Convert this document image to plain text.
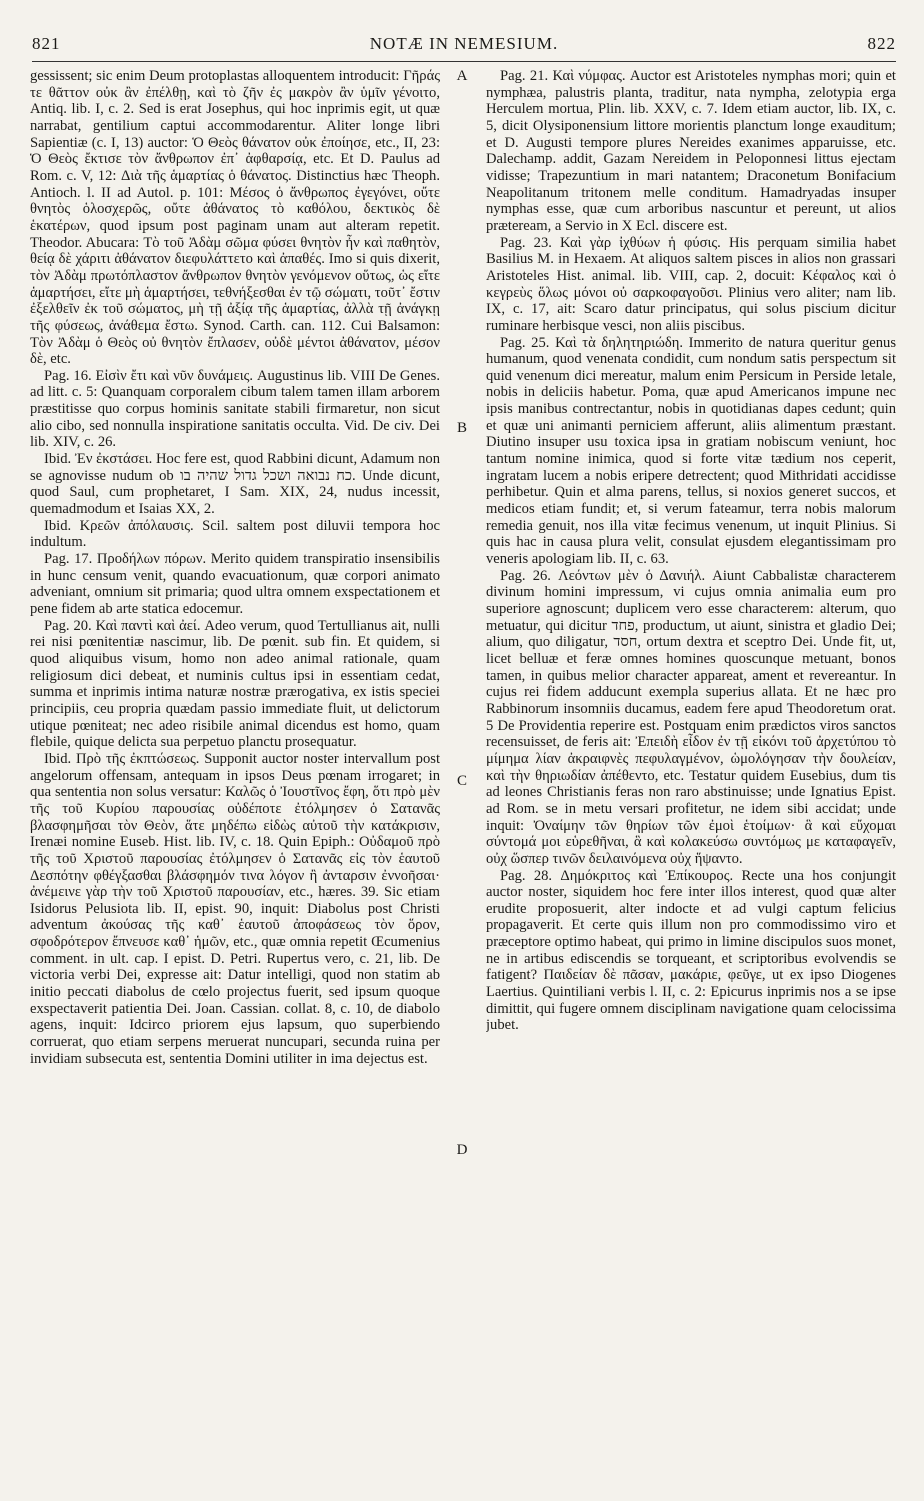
821	NOTÆ IN NEMESIUM.	822

gessissent; sic enim Deum protoplastas alloquentem introducit: Γῆράς τε θᾶττον οὐκ ἂν ἐπέλθῃ, καὶ τὸ ζῆν ἐς μακρὸν ἂν ὑμῖν γένοιτο, Antiq. lib. I, c. 2. Sed is erat Josephus, qui hoc inprimis egit, ut quæ narrabat, gentilium captui accommodarentur. Aliter longe libri Sapientiæ (c. I, 13) auctor: Ὁ Θεὸς θάνατον οὐκ ἐποίησε, etc., II, 23: Ὁ Θεὸς ἔκτισε τὸν ἄνθρωπον ἐπ᾽ ἀφθαρσίᾳ, etc. Et D. Paulus ad Rom. c. V, 12: Διὰ τῆς ἁμαρτίας ὁ θάνατος. Distinctius hæc Theoph. Antioch. l. II ad Autol. p. 101: Μέσος ὁ ἄνθρωπος ἐγεγόνει, οὔτε θνητὸς ὁλοσχερῶς, οὔτε ἀθάνατος τὸ καθόλου, δεκτικὸς δὲ ἑκατέρων, quod ipsum post paginam unam aut alteram repetit. Theodor. Abucara: Τὸ τοῦ Ἀδὰμ σῶμα φύσει θνητὸν ἦν καὶ παθητὸν, θείᾳ δὲ χάριτι ἀθάνατον διεφυλάττετο καὶ ἀπαθές. Imo si quis dixerit, τὸν Ἀδὰμ πρωτόπλαστον ἄνθρωπον θνητὸν γενόμενον οὕτως, ὡς εἴτε ἁμαρτήσει, εἴτε μὴ ἁμαρτήσει, τεθνήξεσθαι ἐν τῷ σώματι, τοῦτ᾽ ἔστιν ἐξελθεῖν ἐκ τοῦ σώματος, μὴ τῇ ἀξίᾳ τῆς ἁμαρτίας, ἀλλὰ τῇ ἀνάγκῃ τῆς φύσεως, ἀνάθεμα ἔστω. Synod. Carth. can. 112. Cui Balsamon: Τὸν Ἀδὰμ ὁ Θεὸς οὐ θνητὸν ἔπλασεν, οὐδὲ μέντοι ἀθάνατον, μέσον δὲ, etc.

Pag. 16. Εἰσὶν ἔτι καὶ νῦν δυνάμεις. Augustinus lib. VIII De Genes. ad litt. c. 5: Quanquam corporalem cibum talem tamen illam arborem præstitisse quo corpus hominis sanitate stabili firmaretur, non sicut alio cibo, sed nonnulla inspiratione sanitatis occulta. Vid. De civ. Dei lib. XIV, c. 26.

Ibid. Ἐν ἐκστάσει. Hoc fere est, quod Rabbini dicunt, Adamum non se agnovisse nudum ob כח נבואה ושכל גדול שהיה בו. Unde dicunt, quod Saul, cum prophetaret, I Sam. XIX, 24, nudus incessit, quemadmodum et Isaias XX, 2.

Ibid. Κρεῶν ἀπόλαυσις. Scil. saltem post diluvii tempora hoc indultum.

Pag. 17. Προδήλων πόρων. Merito quidem transpiratio insensibilis in hunc censum venit, quando evacuationum, quæ corpori animato adveniant, omnium sit primaria; quod ultra omnem exspectationem et pene fidem ab arte statica edocemur.

Pag. 20. Καὶ παντὶ καὶ ἀεί. Adeo verum, quod Tertullianus ait, nulli rei nisi pœnitentiæ nascimur, lib. De pœnit. sub fin. Et quidem, si quod aliquibus visum, homo non adeo animal rationale, quam religiosum dici debeat, et numinis cultus ipsi in essentiam cedat, summa et inprimis intima naturæ nostræ prærogativa, ex istis speciei principiis, ceu propria quædam passio immediate fluit, ut delictorum utique pœniteat; nec adeo risibile animal dicendus est homo, quam flebile, quique delicta sua perpetuo planctu prosequatur.

Ibid. Πρὸ τῆς ἐκπτώσεως. Supponit auctor noster intervallum post angelorum offensam, antequam in ipsos Deus pœnam irrogaret; in qua sententia non solus versatur: Καλῶς ὁ Ἰουστῖνος ἔφη, ὅτι πρὸ μὲν τῆς τοῦ Κυρίου παρουσίας οὐδέποτε ἐτόλμησεν ὁ Σατανᾶς βλασφημῆσαι τὸν Θεὸν, ἅτε μηδέπω εἰδὼς αὐτοῦ τὴν κατάκρισιν, Irenæi nomine Euseb. Hist. lib. IV, c. 18. Quin Epiph.: Οὐδαμοῦ πρὸ τῆς τοῦ Χριστοῦ παρουσίας ἐτόλμησεν ὁ Σατανᾶς εἰς τὸν ἑαυτοῦ Δεσπότην φθέγξασθαι βλάσφημόν τινα λόγον ἢ ἀνταρσιν ἐννοῆσαι· ἀνέμεινε γὰρ τὴν τοῦ Χριστοῦ παρουσίαν, etc., hæres. 39. Sic etiam Isidorus Pelusiota lib. II, epist. 90, inquit: Diabolus post Christi adventum ἀκούσας τῆς καθ᾽ ἑαυτοῦ ἀποφάσεως τὸν ὅρον, σφοδρότερον ἔπνευσε καθ᾽ ἡμῶν, etc., quæ omnia repetit Œcumenius comment. in ult. cap. I epist. D. Petri. Rupertus vero, c. 21, lib. De victoria verbi Dei, expresse ait: Datur intelligi, quod non statim ab initio peccati diabolus de cœlo projectus fuerit, sed ipsum quoque exspectaverit patientia Dei. Joan. Cassian. collat. 8, c. 10, de diabolo agens, inquit: Idcirco priorem ejus lapsum, quo superbiendo corruerat, quo etiam serpens meruerat nuncupari, secunda ruina per invidiam subsecuta est, sententia Domini utiliter in ima dejectus est.

A
B
C
D

Pag. 21. Καὶ νύμφας. Auctor est Aristoteles nymphas mori; quin et nymphæa, palustris planta, traditur, nata nympha, zelotypia erga Herculem mortua, Plin. lib. XXV, c. 7. Idem etiam auctor, lib. IX, c. 5, dicit Olysiponensium littore morientis planctum longe exauditum; et D. Augusti tempore plures Nereides exanimes apparuisse, etc. Dalechamp. addit, Gazam Nereidem in Peloponnesi littus ejectam vidisse; Trapezuntium in mari natantem; Draconetum Bonifacium Neapolitanum tritonem melle conditum. Hamadryadas insuper nymphas esse, quæ cum arboribus nascuntur et pereunt, ut alios præteream, a Servio in X Ecl. discere est.

Pag. 23. Καὶ γὰρ ἰχθύων ἡ φύσις. His perquam similia habet Basilius M. in Hexaem. At aliquos saltem pisces in alios non grassari Aristoteles Hist. animal. lib. VIII, cap. 2, docuit: Κέφαλος καὶ ὁ κεγρεὺς ὅλως μόνοι οὐ σαρκοφαγοῦσι. Plinius vero aliter; nam lib. IX, c. 17, ait: Scaro datur principatus, qui solus piscium dicitur ruminare herbisque vesci, non aliis piscibus.

Pag. 25. Καὶ τὰ δηλητηριώδη. Immerito de natura queritur genus humanum, quod venenata condidit, cum nondum satis perspectum sit quid venenum dici mereatur, malum enim Persicum in Perside letale, nobis in deliciis habetur. Poma, quæ apud Americanos impune nec ipsis manibus contrectantur, nobis in quotidianas dapes cedunt; quin et quæ uni animanti perniciem afferunt, aliis alimentum præstant. Diutino insuper usu toxica ipsa in gratiam nobiscum veniunt, hoc tantum nomine inimica, quod si forte vitæ tædium nos ceperit, ingratam lucem a nobis eripere detrectent; quod Mithridati accidisse perhibetur. Quin et alma parens, tellus, si noxios generet succos, et medicos etiam fundit; et, si verum fateamur, terra nobis malorum remedia genuit, nos illa vitæ fecimus venenum, ut inquit Plinius. Si quis hac in causa plura velit, consulat ejusdem elegantissimam pro veneris apologiam lib. II, c. 63.

Pag. 26. Λεόντων μὲν ὁ Δανιήλ. Aiunt Cabbalistæ characterem divinum homini impressum, vi cujus omnia animalia eum pro superiore agnoscunt; duplicem vero esse characterem: alterum, quo metuatur, qui dicitur פחד, productum, ut aiunt, sinistra et gladio Dei; alium, quo diligatur, חסד, ortum dextra et sceptro Dei. Unde fit, ut, licet belluæ et feræ omnes homines quoscunque metuant, bonos tamen, in quibus melior character appareat, ament et revereantur. In cujus rei fidem adducunt exempla superius allata. Et ne hæc pro Rabbinorum insomniis ducamus, eadem fere apud Theodoretum orat. 5 De Providentia reperire est. Postquam enim prædictos viros sanctos recensuisset, de feris ait: Ἐπειδὴ εἶδον ἐν τῇ εἰκόνι τοῦ ἀρχετύπου τὸ μίμημα λίαν ἀκραιφνὲς πεφυλαγμένον, ὡμολόγησαν τὴν δουλείαν, καὶ τὴν θηριωδίαν ἀπέθεντο, etc. Testatur quidem Eusebius, dum tis ad leones Christianis feras non raro abstinuisse; unde Ignatius Epist. ad Rom. se in metu versari profitetur, ne idem sibi accidat; unde inquit: Ὀναίμην τῶν θηρίων τῶν ἐμοὶ ἑτοίμων· ἃ καὶ εὔχομαι σύντομά μοι εὑρεθῆναι, ἃ καὶ κολακεύσω συντόμως με καταφαγεῖν, οὐχ ὥσπερ τινῶν δειλαινόμενα οὐχ ἥψαντο.

Pag. 28. Δημόκριτος καὶ Ἐπίκουρος. Recte una hos conjungit auctor noster, siquidem hoc fere inter illos interest, quod quæ alter erudite proposuerit, alter indocte et ad vulgi captum felicius propagaverit. Et certe quis illum non pro commodissimo viro et præceptore optimo habeat, qui primo in limine discipulos suos monet, ne in artibus ediscendis se torqueant, et scriptoribus evolvendis se fatigent? Παιδείαν δὲ πᾶσαν, μακάριε, φεῦγε, ut ex ipso Diogenes Laertius. Quintiliani verbis l. II, c. 2: Epicurus inprimis nos a se ipse dimittit, qui fugere omnem disciplinam navigatione quam celocissima jubet.
